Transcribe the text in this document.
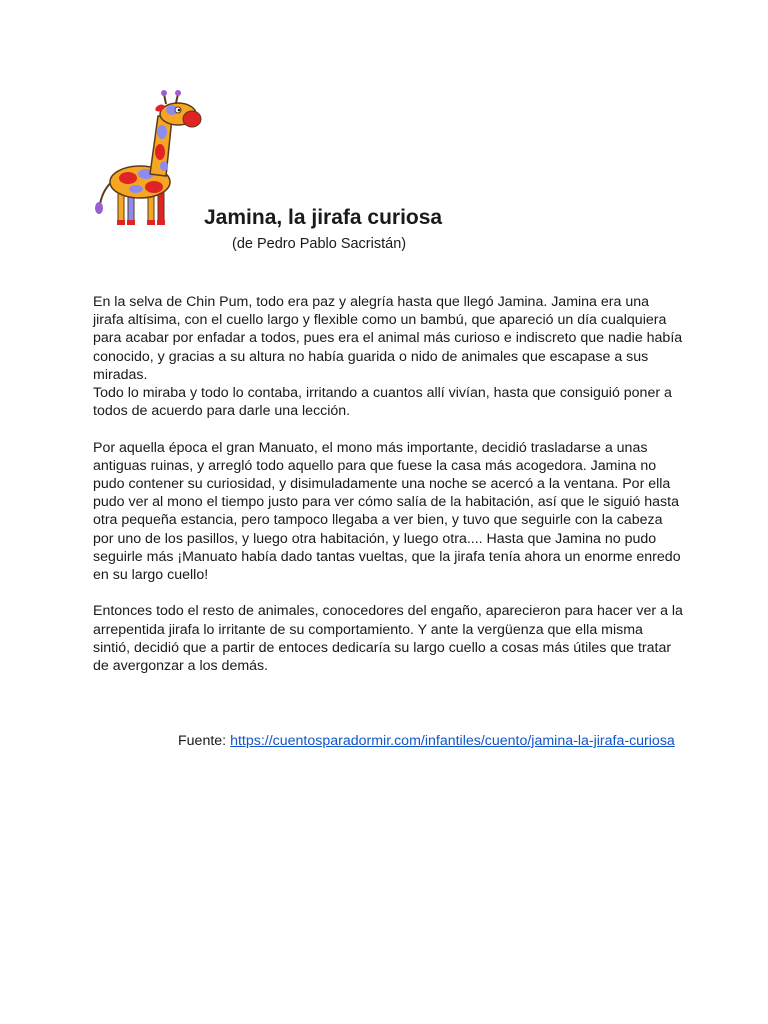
Jamina, la jirafa curiosa
(de Pedro Pablo Sacristán)

En la selva de Chin Pum, todo era paz y alegría hasta que llegó Jamina. Jamina era una jirafa altísima, con el cuello largo y flexible como un bambú, que apareció un día cualquiera para acabar por enfadar a todos, pues era el animal más curioso e indiscreto que nadie había conocido, y gracias a su altura no había guarida o nido de animales que escapase a sus miradas.
Todo lo miraba y todo lo contaba, irritando a cuantos allí vivían, hasta que consiguió poner a todos de acuerdo para darle una lección.

Por aquella época el gran Manuato, el mono más importante, decidió trasladarse a unas antiguas ruinas, y arregló todo aquello para que fuese la casa más acogedora. Jamina no pudo contener su curiosidad, y disimuladamente una noche se acercó a la ventana. Por ella pudo ver al mono el tiempo justo para ver cómo salía de la habitación, así que le siguió hasta otra pequeña estancia, pero tampoco llegaba a ver bien, y tuvo que seguirle con la cabeza por uno de los pasillos, y luego otra habitación, y luego otra.... Hasta que Jamina no pudo seguirle más ¡Manuato había dado tantas vueltas, que la jirafa tenía ahora un enorme enredo en su largo cuello!

Entonces todo el resto de animales, conocedores del engaño, aparecieron para hacer ver a la arrepentida jirafa lo irritante de su comportamiento. Y ante la vergüenza que ella misma sintió, decidió que a partir de entoces dedicaría su largo cuello a cosas más útiles que tratar de avergonzar a los demás.

Fuente: https://cuentosparadormir.com/infantiles/cuento/jamina-la-jirafa-curiosa
